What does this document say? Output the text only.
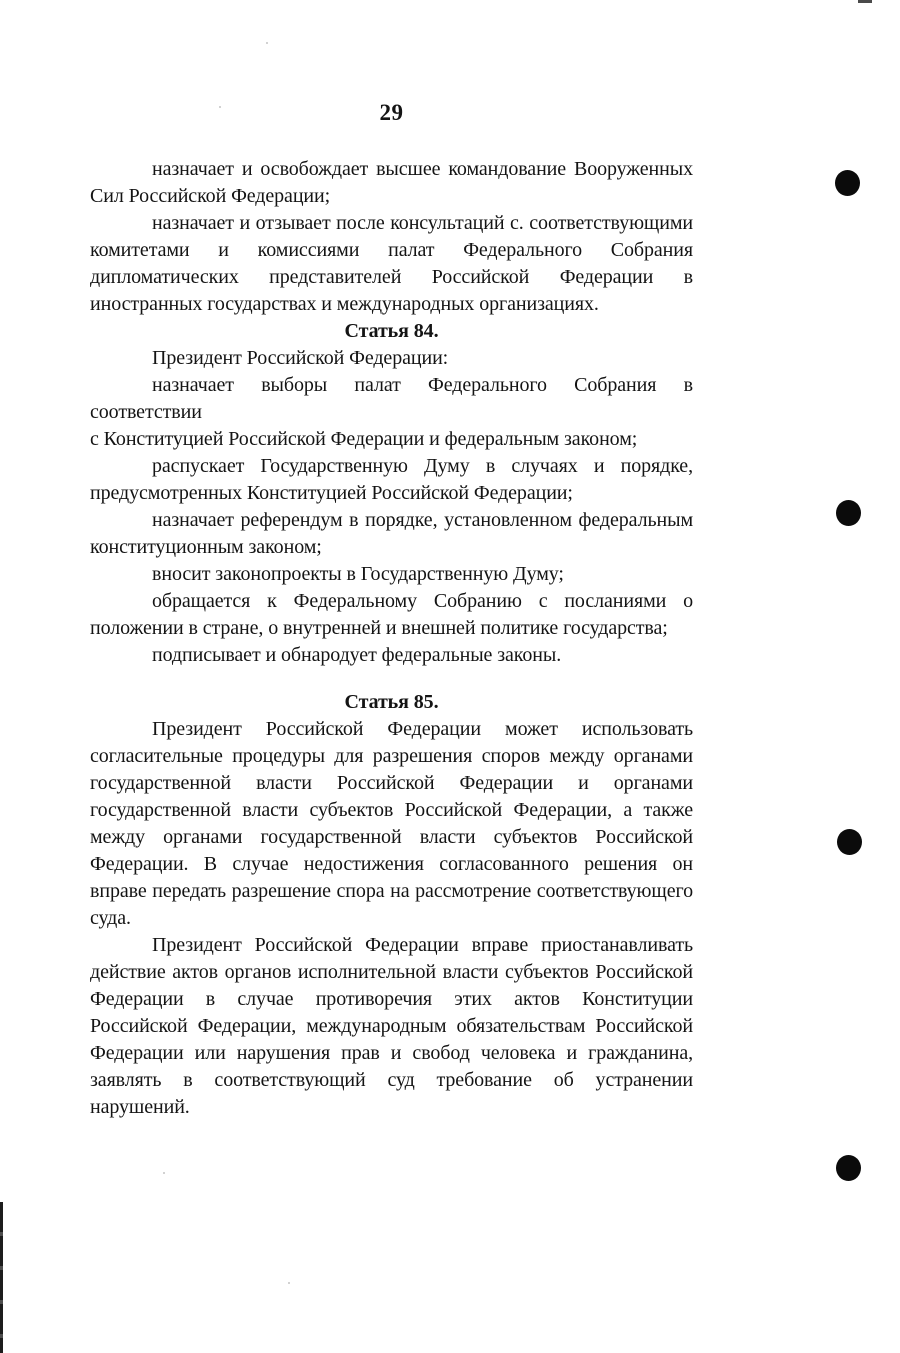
29
назначает и освобождает высшее командование Вооруженных
Сил Российской Федерации;
назначает и отзывает после консультаций с. соответствующими
комитетами и комиссиями палат Федерального Собрания
дипломатических представителей Российской Федерации в
иностранных государствах и международных организациях.
Статья 84.
Президент Российской Федерации:
назначает выборы палат Федерального Собрания в соответствии
с Конституцией Российской Федерации и федеральным законом;
распускает Государственную Думу в случаях и порядке,
предусмотренных Конституцией Российской Федерации;
назначает референдум в порядке, установленном федеральным
конституционным законом;
вносит законопроекты в Государственную Думу;
обращается к Федеральному Собранию с посланиями о
положении в стране, о внутренней и внешней политике государства;
подписывает и обнародует федеральные законы.
Статья 85.
Президент Российской Федерации может использовать
согласительные процедуры для разрешения споров между органами
государственной власти Российской Федерации и органами
государственной власти субъектов Российской Федерации, а также
между органами государственной власти субъектов Российской
Федерации. В случае недостижения согласованного решения он
вправе передать разрешение спора на рассмотрение соответствующего
суда.
Президент Российской Федерации вправе приостанавливать
действие актов органов исполнительной власти субъектов Российской
Федерации в случае противоречия этих актов Конституции
Российской Федерации, международным обязательствам Российской
Федерации или нарушения прав и свобод человека и гражданина,
заявлять в соответствующий суд требование об устранении
нарушений.
